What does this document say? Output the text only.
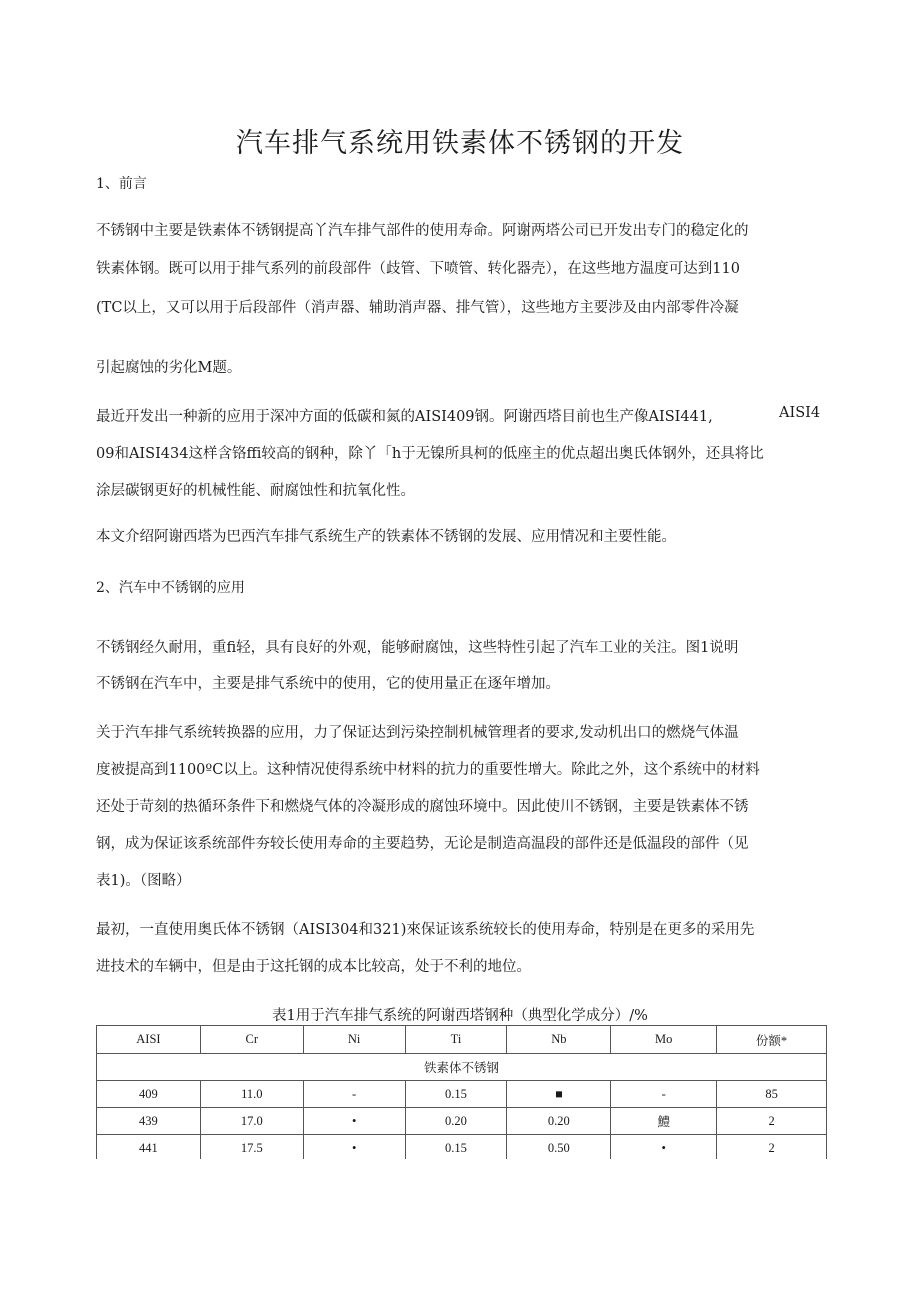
汽车排气系统用铁素体不锈钢的开发
1、前言
不锈钢中主要是铁素体不锈钢提高丫汽车排气部件的使用寿命。阿谢两塔公司已开发出专门的稳定化的
铁素体钢。既可以用于排气系列的前段部件（歧管、下喷管、转化器壳），在这些地方温度可达到110
(TC以上，又可以用于后段部件（消声器、辅助消声器、排气管），这些地方主要涉及由内部零件冷凝
引起腐蚀的劣化M题。
最近幵发出一种新的应用于深冲方面的低碳和氮的AISI409钢。阿谢西塔目前也生产像AISI441,	AISI4
09和AISI434这样含铬ffi较高的钢种，除丫「h于无镍所具柯的低座主的优点超出奥氏体钢外，还具将比
涂层碳钢更好的机械性能、耐腐蚀性和抗氧化性。
本文介绍阿谢西塔为巴西汽车排气系统生产的铁素体不锈钢的发展、应用情况和主要性能。
2、汽车中不锈钢的应用
不锈钢经久耐用，重fi轻，具有良好的外观，能够耐腐蚀，这些特性引起了汽车工业的关注。图1说明
不锈钢在汽车中，主要是排气系统中的使用，它的使用量正在逐年增加。
关于汽车排气系统转换器的应用，力了保证达到污染控制机械管理者的要求,发动机出口的燃烧气体温
度被提高到1100ºC以上。这种情况使得系统中材料的抗力的重要性增大。除此之外，这个系统中的材料
还处于苛刻的热循环条件下和燃烧气体的冷凝形成的腐蚀环境中。因此使川不锈钢，主要是铁素体不锈
钢，成为保证该系统部件夯较长使用寿命的主要趋势，无论是制造高温段的部件还是低温段的部件（见
表1)。（图略）
最初，一直使用奥氏体不锈钢（AISI304和321)來保证该系统较长的使用寿命，特别是在更多的采用先
进技术的车辆中，但是由于这托钢的成本比较高，处于不利的地位。
表1用于汽车排气系统的阿谢西塔钢种（典型化学成分）/%
AISI	Cr	Ni	Ti	Nb	Mo	份额*
铁素体不锈钢						
409	11.0	-	0.15	■	-	85
439	17.0	•	0.20	0.20	鱧	2
441	17.5	•	0.15	0.50	•	2
